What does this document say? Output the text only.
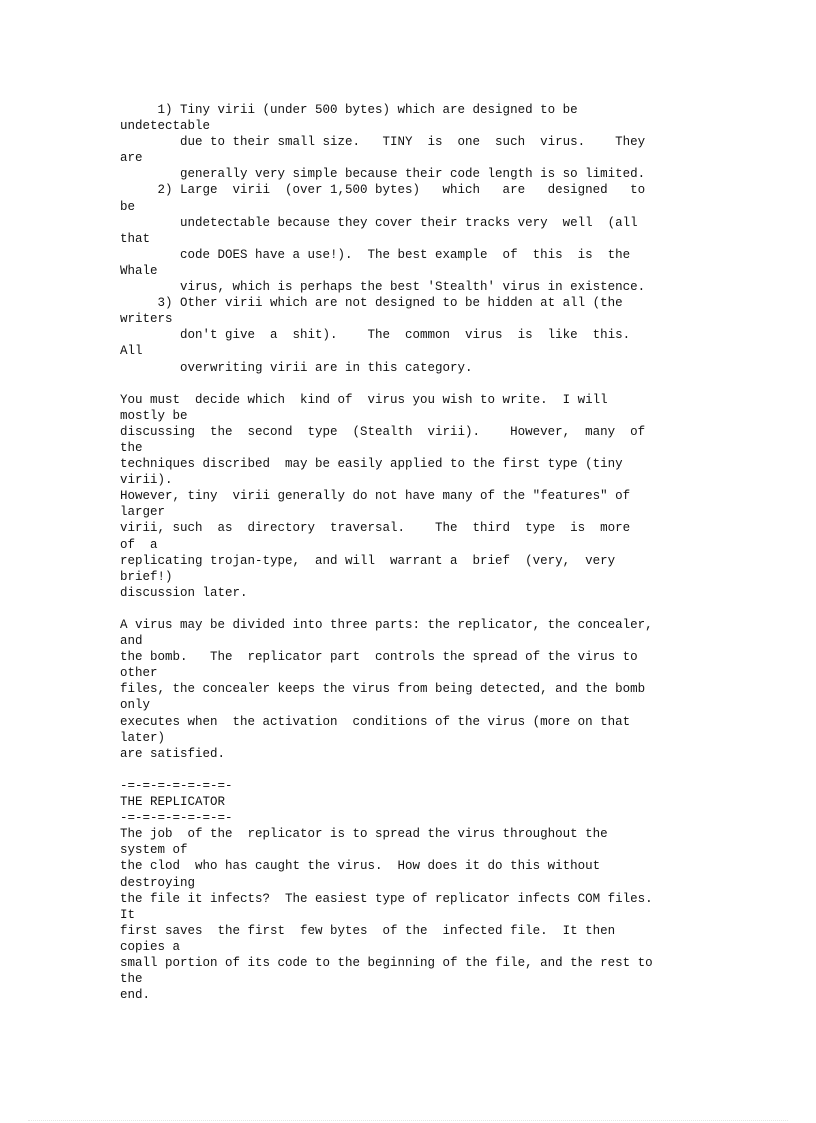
1) Tiny virii (under 500 bytes) which are designed to be
undetectable
due to their small size.   TINY  is  one  such  virus.    They
are
generally very simple because their code length is so limited.
2) Large  virii  (over 1,500 bytes)   which   are   designed   to
be
undetectable because they cover their tracks very  well  (all
that
code DOES have a use!).  The best example  of  this  is  the
Whale
virus, which is perhaps the best 'Stealth' virus in existence.
3) Other virii which are not designed to be hidden at all (the
writers
don't give  a  shit).    The  common  virus  is  like  this.
All
overwriting virii are in this category.
You must  decide which  kind of  virus you wish to write.  I will
mostly be
discussing  the  second  type  (Stealth  virii).    However,  many  of
the
techniques discribed  may be easily applied to the first type (tiny
virii).
However, tiny  virii generally do not have many of the "features" of
larger
virii, such  as  directory  traversal.    The  third  type  is  more
of  a
replicating trojan-type,  and will  warrant a  brief  (very,  very
brief!)
discussion later.
A virus may be divided into three parts: the replicator, the concealer,
and
the bomb.   The  replicator part  controls the spread of the virus to
other
files, the concealer keeps the virus from being detected, and the bomb
only
executes when  the activation  conditions of the virus (more on that
later)
are satisfied.
-=-=-=-=-=-=-=-
THE REPLICATOR
-=-=-=-=-=-=-=-
The job  of the  replicator is to spread the virus throughout the
system of
the clod  who has caught the virus.  How does it do this without
destroying
the file it infects?  The easiest type of replicator infects COM files.
It
first saves  the first  few bytes  of the  infected file.  It then
copies a
small portion of its code to the beginning of the file, and the rest to
the
end.
